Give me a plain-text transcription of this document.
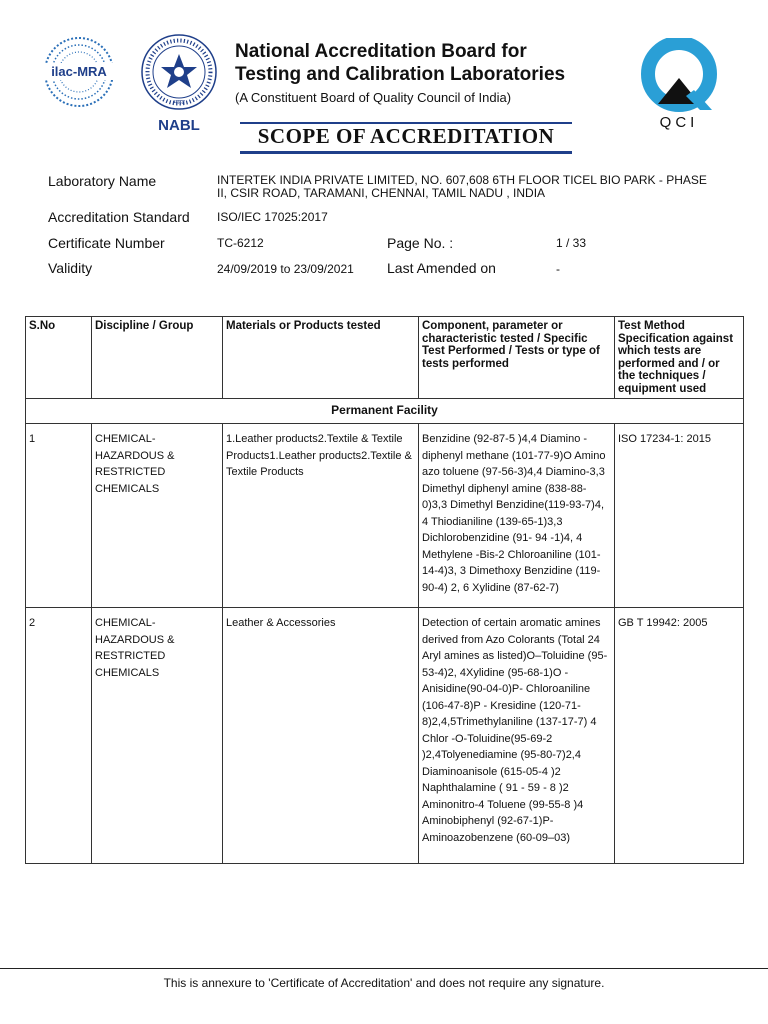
ilac-MRA
भारत
NABL
National Accreditation Board for
Testing and Calibration Laboratories
(A Constituent Board of Quality Council of India)
QCI
SCOPE OF ACCREDITATION
Laboratory Name	INTERTEK INDIA PRIVATE LIMITED, NO. 607,608 6TH FLOOR TICEL BIO PARK - PHASE II, CSIR ROAD, TARAMANI, CHENNAI, TAMIL NADU , INDIA
Accreditation Standard ISO/IEC 17025:2017
Certificate Number	TC-6212	Page No. :	1 / 33
Validity	24/09/2019 to 23/09/2021 Last Amended on	-
S.No	Discipline / Group	Materials or Products tested	Component, parameter or characteristic tested / Specific Test Performed / Tests or type of tests performed	Test Method Specification against which tests are performed and / or the techniques / equipment used
Permanent Facility				
1	CHEMICAL- HAZARDOUS & RESTRICTED CHEMICALS	1.Leather products2.Textile & Textile Products1.Leather products2.Textile & Textile Products	Benzidine (92-87-5 )4,4 Diamino - diphenyl methane (101-77-9)O Amino azo toluene (97-56-3)4,4 Diamino-3,3 Dimethyl diphenyl amine (838-88-0)3,3 Dimethyl Benzidine(119-93-7)4, 4 Thiodianiline (139-65-1)3,3 Dichlorobenzidine (91- 94 -1)4, 4 Methylene -Bis-2 Chloroaniline (101-14-4)3, 3 Dimethoxy Benzidine (119-90-4) 2, 6 Xylidine (87-62-7)	ISO 17234-1: 2015
2	CHEMICAL- HAZARDOUS & RESTRICTED CHEMICALS	Leather & Accessories	Detection of certain aromatic amines derived from Azo Colorants (Total 24 Aryl amines as listed)O–Toluidine (95-53-4)2, 4Xylidine (95-68-1)O -Anisidine(90-04-0)P- Chloroaniline (106-47-8)P - Kresidine (120-71-8)2,4,5Trimethylaniline (137-17-7) 4 Chlor -O-Toluidine(95-69-2 )2,4Tolyenediamine (95-80-7)2,4 Diaminoanisole (615-05-4 )2 Naphthalamine ( 91 - 59 - 8 )2 Aminonitro-4 Toluene (99-55-8 )4 Aminobiphenyl (92-67-1)P- Aminoazobenzene (60-09–03)	GB T 19942: 2005
This is annexure to 'Certificate of Accreditation' and does not require any signature.
